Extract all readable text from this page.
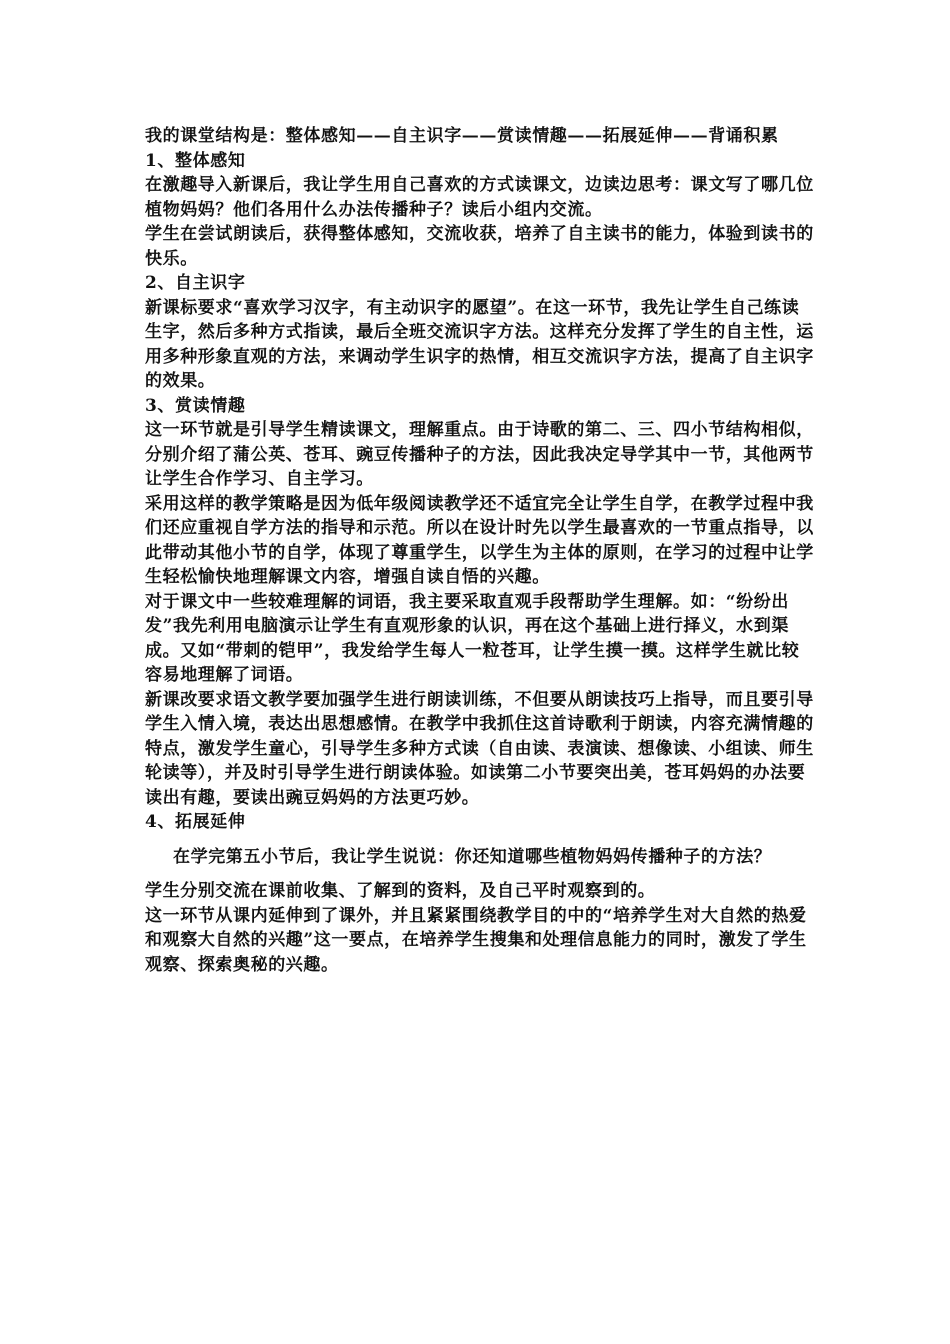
我的课堂结构是：整体感知——自主识字——赏读情趣——拓展延伸——背诵积累

1、整体感知

在激趣导入新课后，我让学生用自己喜欢的方式读课文，边读边思考：课文写了哪几位植物妈妈？他们各用什么办法传播种子？读后小组内交流。

学生在尝试朗读后，获得整体感知，交流收获，培养了自主读书的能力，体验到读书的快乐。

2、自主识字

新课标要求“喜欢学习汉字，有主动识字的愿望”。在这一环节，我先让学生自己练读生字，然后多种方式指读，最后全班交流识字方法。这样充分发挥了学生的自主性，运用多种形象直观的方法，来调动学生识字的热情，相互交流识字方法，提高了自主识字的效果。

3、赏读情趣

这一环节就是引导学生精读课文，理解重点。由于诗歌的第二、三、四小节结构相似，分别介绍了蒲公英、苍耳、豌豆传播种子的方法，因此我决定导学其中一节，其他两节让学生合作学习、自主学习。

采用这样的教学策略是因为低年级阅读教学还不适宜完全让学生自学，在教学过程中我们还应重视自学方法的指导和示范。所以在设计时先以学生最喜欢的一节重点指导，以此带动其他小节的自学，体现了尊重学生，以学生为主体的原则，在学习的过程中让学生轻松愉快地理解课文内容，增强自读自悟的兴趣。

对于课文中一些较难理解的词语，我主要采取直观手段帮助学生理解。如：“纷纷出发”我先利用电脑演示让学生有直观形象的认识，再在这个基础上进行择义，水到渠成。又如“带刺的铠甲”，我发给学生每人一粒苍耳，让学生摸一摸。这样学生就比较容易地理解了词语。

新课改要求语文教学要加强学生进行朗读训练，不但要从朗读技巧上指导，而且要引导学生入情入境，表达出思想感情。在教学中我抓住这首诗歌利于朗读，内容充满情趣的特点，激发学生童心，引导学生多种方式读（自由读、表演读、想像读、小组读、师生轮读等），并及时引导学生进行朗读体验。如读第二小节要突出美，苍耳妈妈的办法要读出有趣，要读出豌豆妈妈的方法更巧妙。

4、拓展延伸

在学完第五小节后，我让学生说说：你还知道哪些植物妈妈传播种子的方法？

学生分别交流在课前收集、了解到的资料，及自己平时观察到的。

这一环节从课内延伸到了课外，并且紧紧围绕教学目的中的“培养学生对大自然的热爱和观察大自然的兴趣”这一要点，在培养学生搜集和处理信息能力的同时，激发了学生观察、探索奥秘的兴趣。
